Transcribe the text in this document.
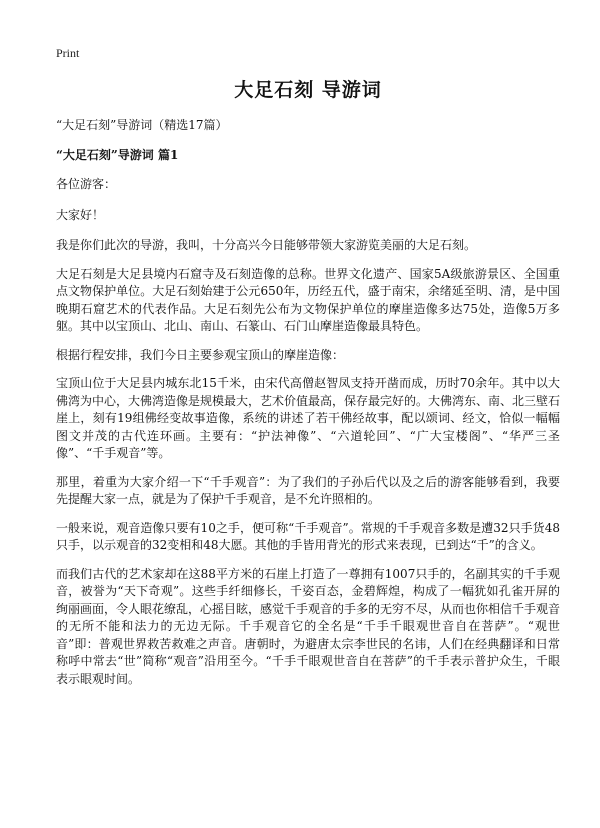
Print
大足石刻 导游词
“大足石刻”导游词（精选17篇）
“大足石刻”导游词 篇1

各位游客：

大家好！

我是你们此次的导游，我叫，十分高兴今日能够带领大家游览美丽的大足石刻。

大足石刻是大足县境内石窟寺及石刻造像的总称。世界文化遗产、国家5A级旅游景区、全国重点文物保护单位。大足石刻始建于公元650年，历经五代，盛于南宋，余绪延至明、清，是中国晚期石窟艺术的代表作品。大足石刻先公布为文物保护单位的摩崖造像多达75处，造像5万多躯。其中以宝顶山、北山、南山、石篆山、石门山摩崖造像最具特色。

根据行程安排，我们今日主要参观宝顶山的摩崖造像：

宝顶山位于大足县内城东北15千米，由宋代高僧赵智凤支持开凿而成，历时70余年。其中以大佛湾为中心，大佛湾造像是规模最大，艺术价值最高，保存最完好的。大佛湾东、南、北三壁石崖上，刻有19组佛经变故事造像，系统的讲述了若干佛经故事，配以颂词、经文，恰似一幅幅图文并茂的古代连环画。主要有：“护法神像”、“六道轮回”、“广大宝楼阁”、“华严三圣像”、“千手观音”等。

那里，着重为大家介绍一下“千手观音”：为了我们的子孙后代以及之后的游客能够看到，我要先提醒大家一点，就是为了保护千手观音，是不允许照相的。

一般来说，观音造像只要有10之手，便可称“千手观音”。常规的千手观音多数是遭32只手货48只手，以示观音的32变相和48大愿。其他的手皆用背光的形式来表现，已到达“千”的含义。

而我们古代的艺术家却在这88平方米的石崖上打造了一尊拥有1007只手的，名副其实的千手观音，被誉为“天下奇观”。这些手纤细修长，千姿百态，金碧辉煌，构成了一幅犹如孔雀开屏的绚丽画面，令人眼花缭乱，心摇目眩，感觉千手观音的手多的无穷不尽，从而也你相信千手观音的无所不能和法力的无边无际。千手观音它的全名是“千手千眼观世音自在菩萨”。“观世音”即：普观世界救苦救难之声音。唐朝时，为避唐太宗李世民的名讳，人们在经典翻译和日常称呼中常去“世”简称“观音”沿用至今。“千手千眼观世音自在菩萨”的千手表示普护众生，千眼表示眼观时间。
